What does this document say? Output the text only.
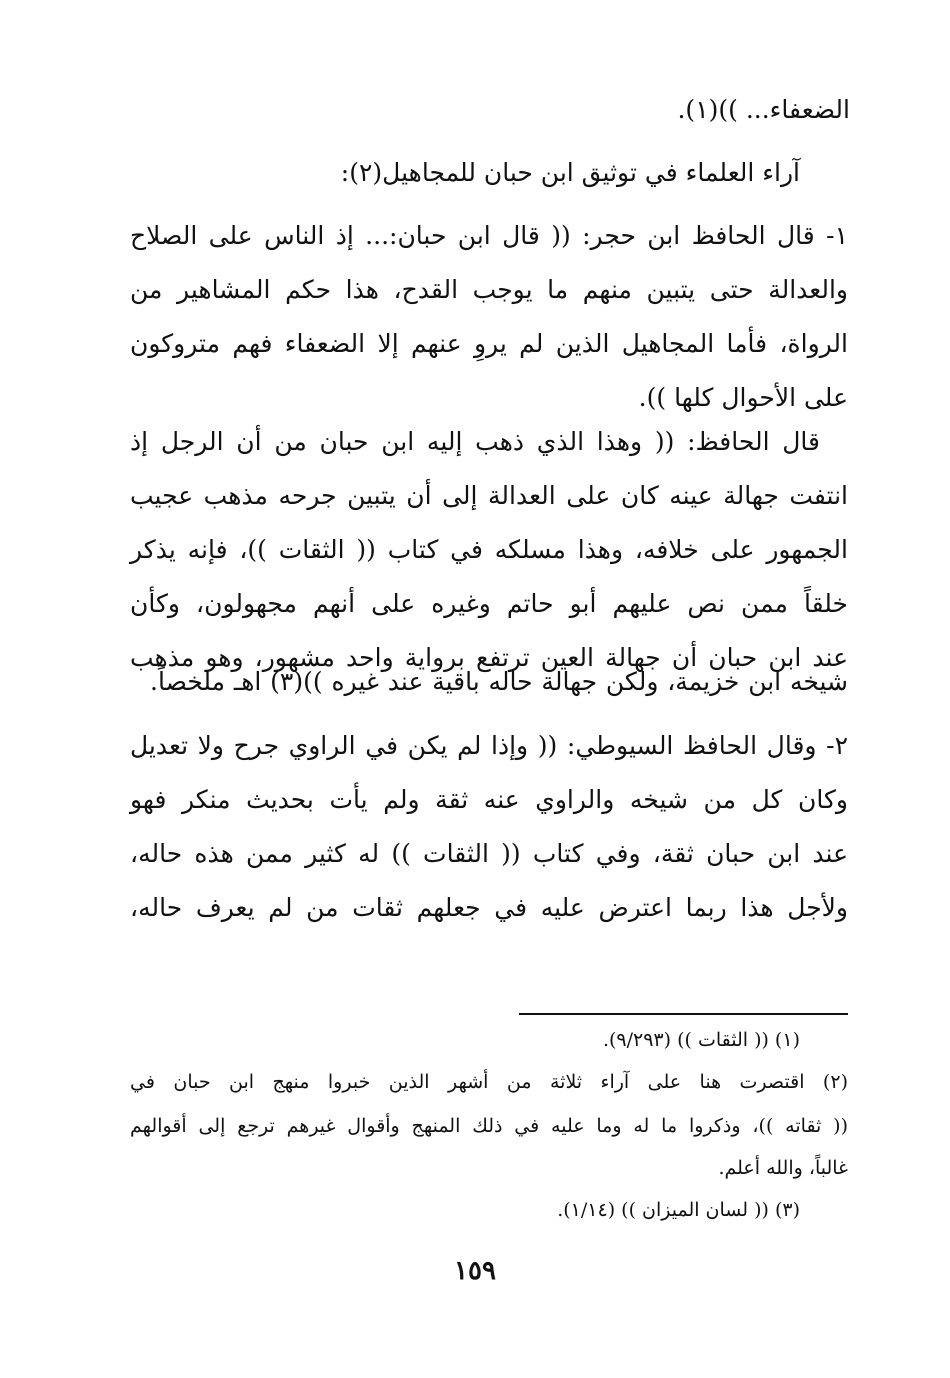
الضعفاء... ))(١).
آراء العلماء في توثيق ابن حبان للمجاهيل(٢):
١- قال الحافظ ابن حجر: (( قال ابن حبان:... إذ الناس على الصلاح
والعدالة حتى يتبين منهم ما يوجب القدح، هذا حكم المشاهير من
الرواة، فأما المجاهيل الذين لم يروِ عنهم إلا الضعفاء فهم متروكون
على الأحوال كلها )).
قال الحافظ: (( وهذا الذي ذهب إليه ابن حبان من أن الرجل إذ
انتفت جهالة عينه كان على العدالة إلى أن يتبين جرحه مذهب عجيب
الجمهور على خلافه، وهذا مسلكه في كتاب (( الثقات ))، فإنه يذكر
خلقاً ممن نص عليهم أبو حاتم وغيره على أنهم مجهولون، وكأن
عند ابن حبان أن جهالة العين ترتفع برواية واحد مشهور، وهو مذهب
شيخه ابن خزيمة، ولكن جهالة حاله باقية عند غيره ))(٣) اهـ ملخصاً.
٢- وقال الحافظ السيوطي: (( وإذا لم يكن في الراوي جرح ولا تعديل
وكان كل من شيخه والراوي عنه ثقة ولم يأت بحديث منكر فهو
عند ابن حبان ثقة، وفي كتاب (( الثقات )) له كثير ممن هذه حاله،
ولأجل هذا ربما اعترض عليه في جعلهم ثقات من لم يعرف حاله،
(١) (( الثقات )) (٩/٢٩٣).
(٢) اقتصرت هنا على آراء ثلاثة من أشهر الذين خبروا منهج ابن حبان في
(( ثقاته ))، وذكروا ما له وما عليه في ذلك المنهج وأقوال غيرهم ترجع إلى أقوالهم
غالباً، والله أعلم.
(٣) (( لسان الميزان )) (١/١٤).
١٥٩
